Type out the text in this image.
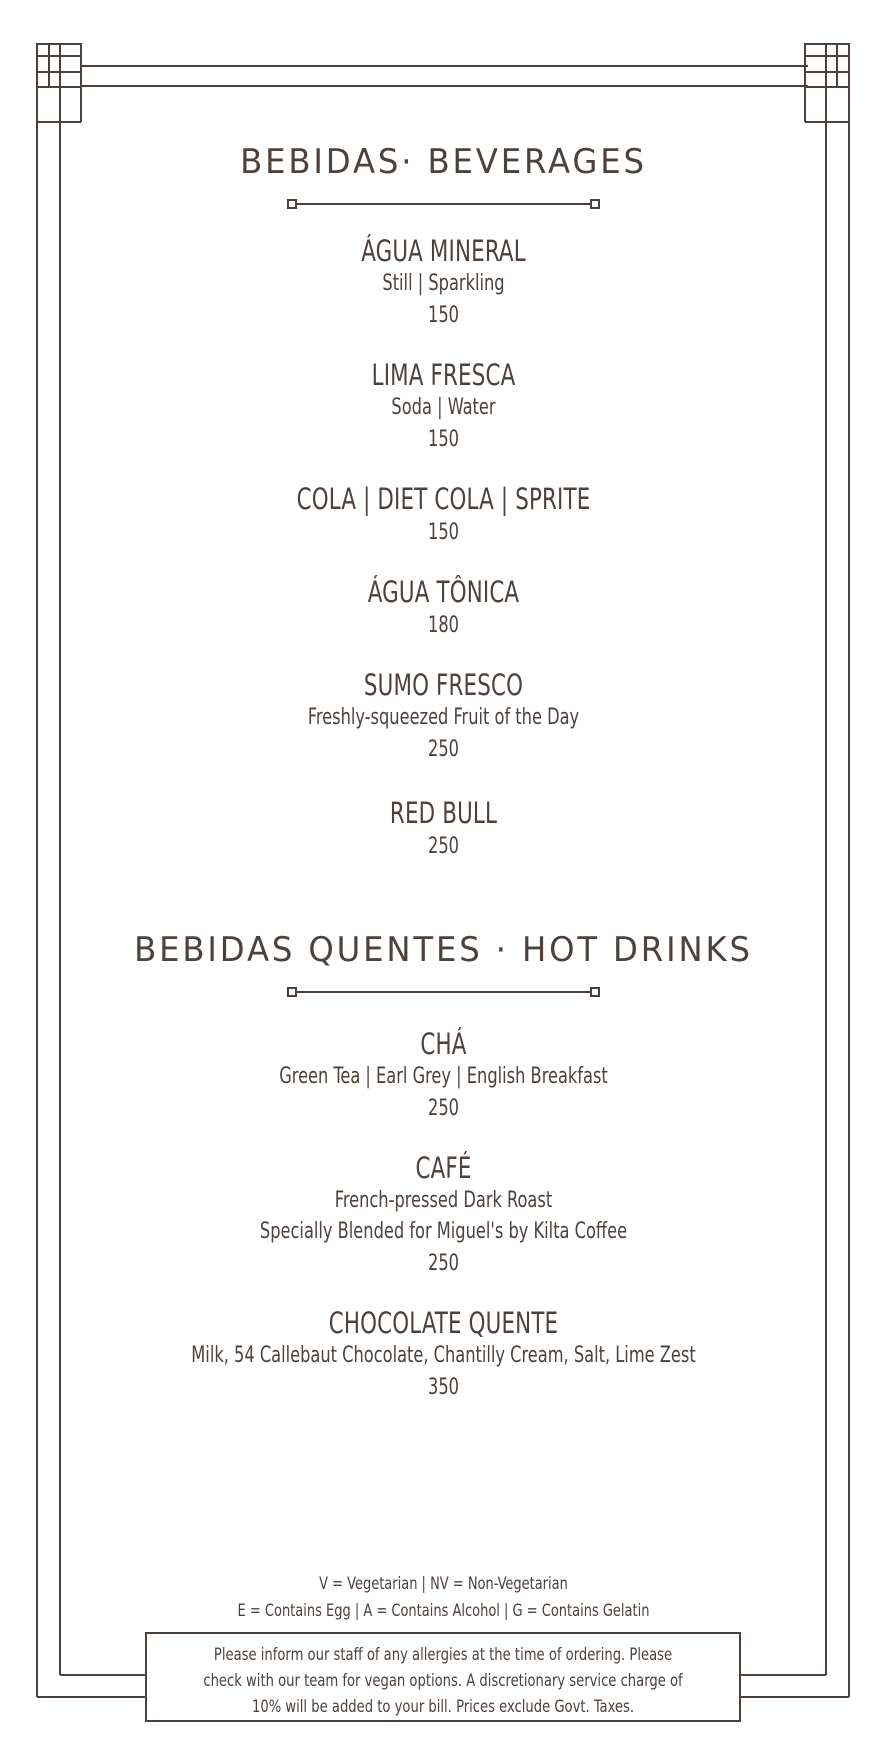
BEBIDAS· BEVERAGES
ÁGUA MINERAL
Still | Sparkling
150
LIMA FRESCA
Soda | Water
150
COLA | DIET COLA | SPRITE
150
ÁGUA TÔNICA
180
SUMO FRESCO
Freshly-squeezed Fruit of the Day
250
RED BULL
250
BEBIDAS QUENTES · HOT DRINKS
CHÁ
Green Tea | Earl Grey | English Breakfast
250
CAFÉ
French-pressed Dark Roast
Specially Blended for Miguel's by Kilta Coffee
250
CHOCOLATE QUENTE
Milk, 54 Callebaut Chocolate, Chantilly Cream, Salt, Lime Zest
350
V = Vegetarian | NV = Non-Vegetarian
E = Contains Egg | A = Contains Alcohol | G = Contains Gelatin
Please inform our staff of any allergies at the time of ordering. Please
check with our team for vegan options. A discretionary service charge of
10% will be added to your bill. Prices exclude Govt. Taxes.
